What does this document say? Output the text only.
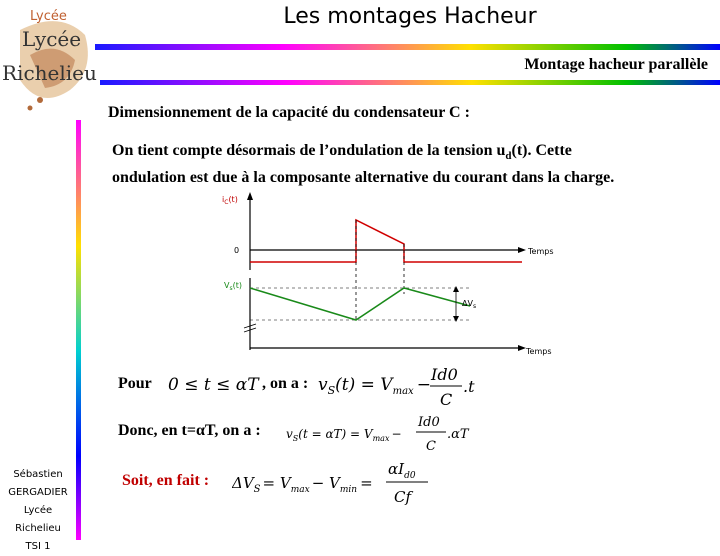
Lycée
Lycée
Richelieu
Les montages Hacheur
Montage hacheur parallèle
Dimensionnement de la capacité du condensateur C :
On tient compte désormais de l’ondulation de la tension $u_d(t)$. Cette
ondulation est due à la composante alternative du courant dans la charge.
$i_C(t)$
0	Temps
$V_s(t)$
Temps
$\Delta V_s$
Pour 0 ≤ t ≤ αT	$v_S(t) = V_{max}$ −
Id0
C
.t
, on a :
Donc, en t=αT, on a : $v_S(t = \alpha T) = V_{max}$ −
Id0
C
.αT
Soit, en fait : $\Delta V_S = V_{max} - V_{min}$ =
$\alpha I_{d0}$
Cf
Sébastien
GERGADIER
Lycée Richelieu
TSI 1
